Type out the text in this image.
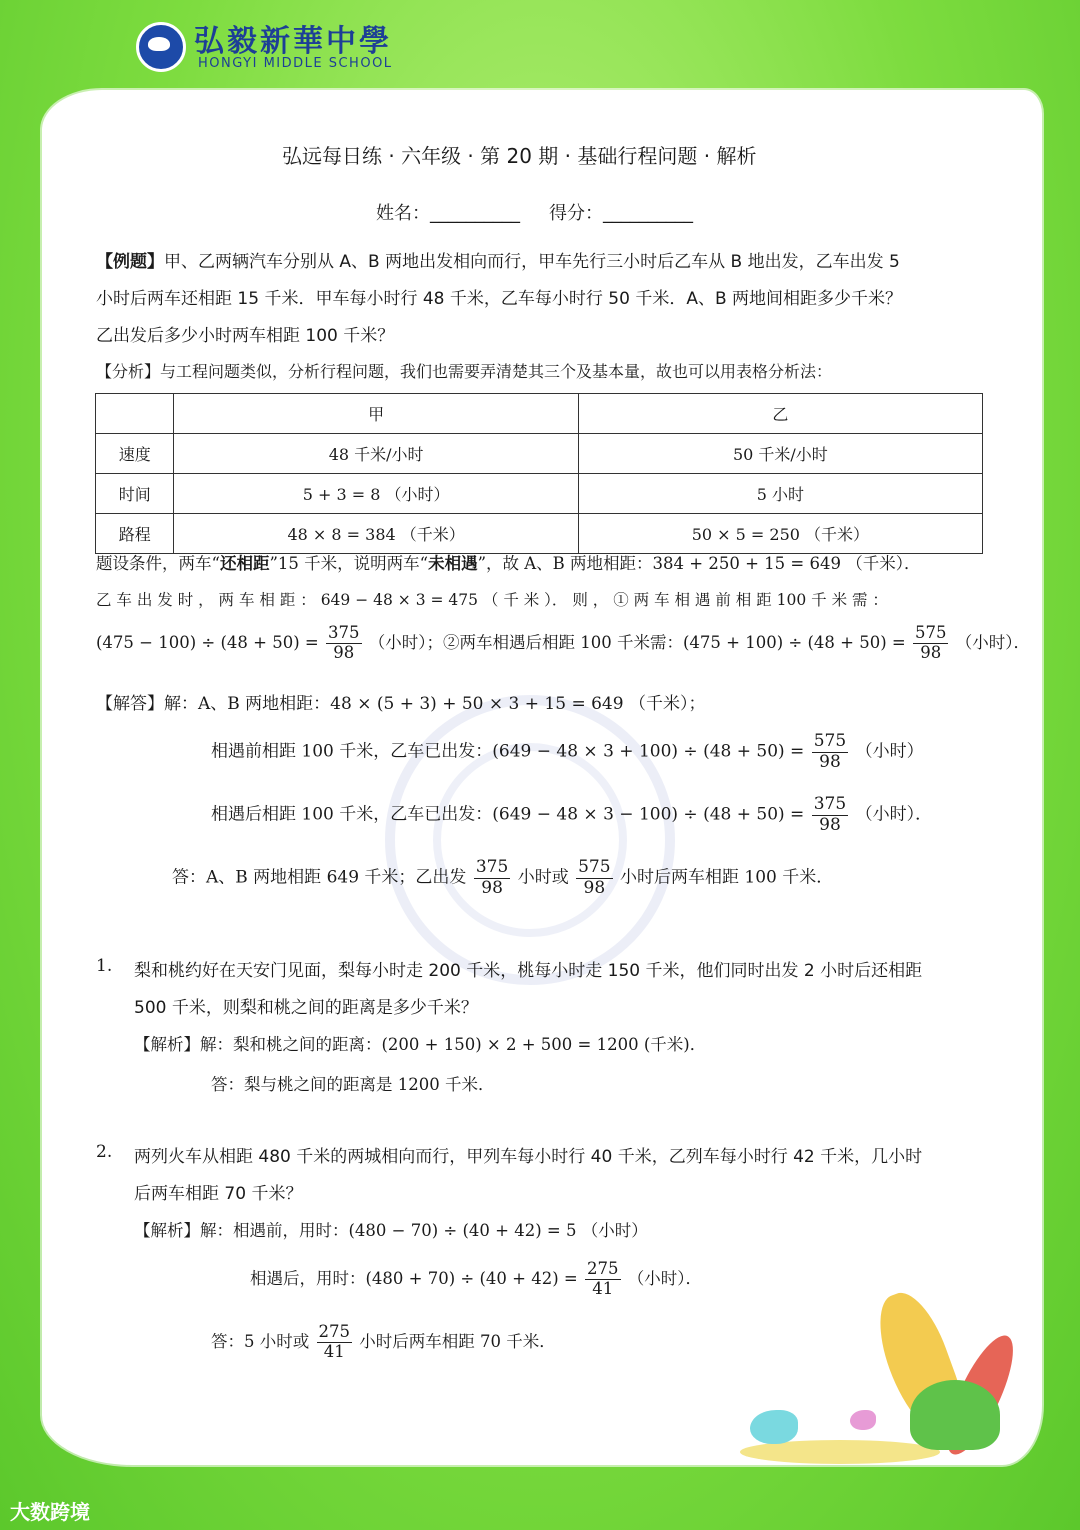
弘毅新華中學
HONGYI MIDDLE SCHOOL
弘远每日练 · 六年级 · 第 20 期 · 基础行程问题 · 解析
姓名：__________ 得分：__________
【例题】甲、乙两辆汽车分别从 A、B 两地出发相向而行，甲车先行三小时后乙车从 B 地出发，乙车出发 5
小时后两车还相距 15 千米．甲车每小时行 48 千米，乙车每小时行 50 千米．A、B 两地间相距多少千米？
乙出发后多少小时两车相距 100 千米？
【分析】与工程问题类似，分析行程问题，我们也需要弄清楚其三个及基本量，故也可以用表格分析法：
	甲	乙
速度	48 千米/小时	50 千米/小时
时间	5 + 3 = 8 （小时）	5 小时
路程	48 × 8 = 384 （千米）	50 × 5 = 250 （千米）
题设条件，两车“还相距”15 千米，说明两车“未相遇”，故 A、B 两地相距：384 + 250 + 15 = 649 （千米）．
乙 车 出 发 时 ， 两 车 相 距 ： 649 − 48 × 3 = 475 （ 千 米 ）． 则 ， ① 两 车 相 遇 前 相 距 100 千 米 需 ：
$(475 - 100) \div (48 + 50) = \frac{375}{98}$ （小时）；②两车相遇后相距 100 千米需：$(475 + 100) \div (48 + 50) = \frac{575}{98}$ （小时）．
【解答】解：A、B 两地相距：48 × (5 + 3) + 50 × 3 + 15 = 649 （千米）；
相遇前相距 100 千米，乙车已出发：$(649 - 48 \times 3 + 100) \div (48 + 50) = \frac{575}{98}$ （小时）
相遇后相距 100 千米，乙车已出发：$(649 - 48 \times 3 - 100) \div (48 + 50) = \frac{375}{98}$ （小时）．
答：A、B 两地相距 649 千米；乙出发 $\frac{375}{98}$ 小时或 $\frac{575}{98}$ 小时后两车相距 100 千米．
1. 梨和桃约好在天安门见面，梨每小时走 200 千米，桃每小时走 150 千米，他们同时出发 2 小时后还相距
500 千米，则梨和桃之间的距离是多少千米？
【解析】解：梨和桃之间的距离：(200 + 150) × 2 + 500 = 1200 (千米)．
答：梨与桃之间的距离是 1200 千米．
2. 两列火车从相距 480 千米的两城相向而行，甲列车每小时行 40 千米，乙列车每小时行 42 千米，几小时
后两车相距 70 千米？
【解析】解：相遇前，用时：(480 − 70) ÷ (40 + 42) = 5 （小时）
相遇后，用时：$(480 + 70) \div (40 + 42) = \frac{275}{41}$ （小时）．
答：5 小时或 $\frac{275}{41}$ 小时后两车相距 70 千米．
大数跨境
